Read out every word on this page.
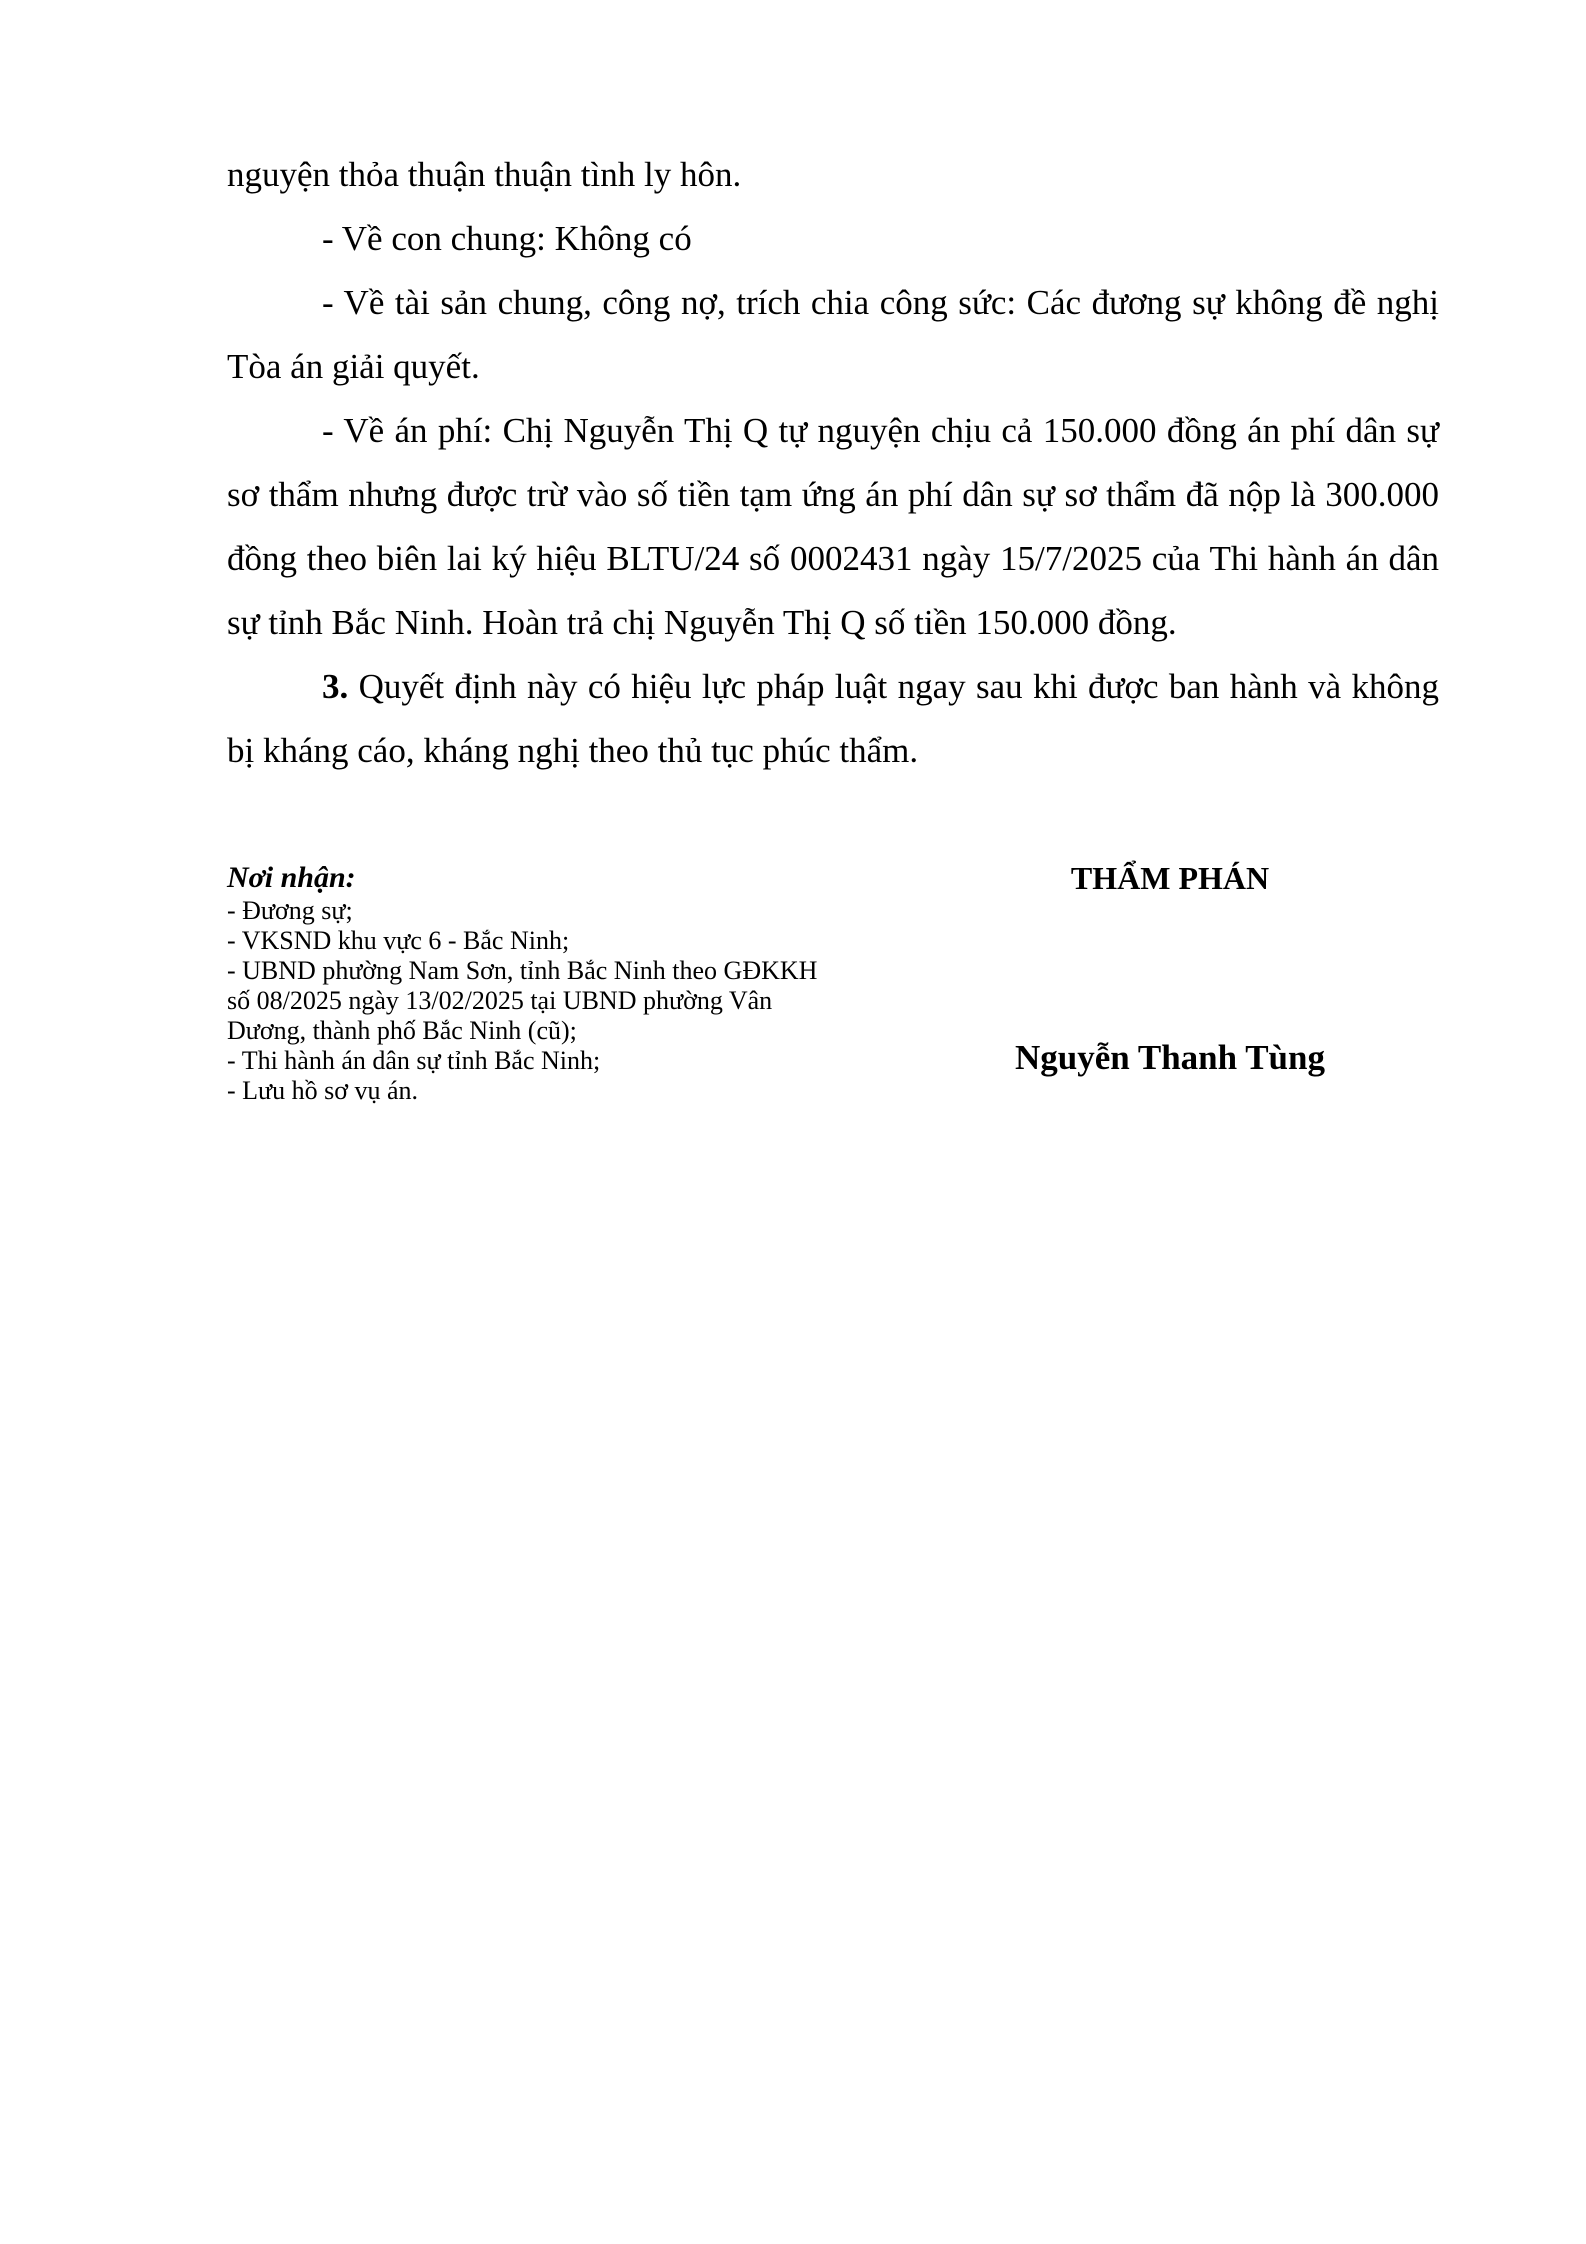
nguyện thỏa thuận thuận tình ly hôn.

- Về con chung: Không có

- Về tài sản chung, công nợ, trích chia công sức: Các đương sự không đề nghị Tòa án giải quyết.

- Về án phí: Chị Nguyễn Thị Q tự nguyện chịu cả 150.000 đồng án phí dân sự sơ thẩm nhưng được trừ vào số tiền tạm ứng án phí dân sự sơ thẩm đã nộp là 300.000 đồng theo biên lai ký hiệu BLTU/24 số 0002431 ngày 15/7/2025 của Thi hành án dân sự tỉnh Bắc Ninh. Hoàn trả chị Nguyễn Thị Q số tiền 150.000 đồng.

3. Quyết định này có hiệu lực pháp luật ngay sau khi được ban hành và không bị kháng cáo, kháng nghị theo thủ tục phúc thẩm.

Nơi nhận:
- Đương sự;
- VKSND khu vực 6 - Bắc Ninh;
- UBND phường Nam Sơn, tỉnh Bắc Ninh theo GĐKKH số 08/2025 ngày 13/02/2025 tại UBND phường Vân Dương, thành phố Bắc Ninh (cũ);
- Thi hành án dân sự tỉnh Bắc Ninh;
- Lưu hồ sơ vụ án.
THẨM PHÁN
Nguyễn Thanh Tùng
